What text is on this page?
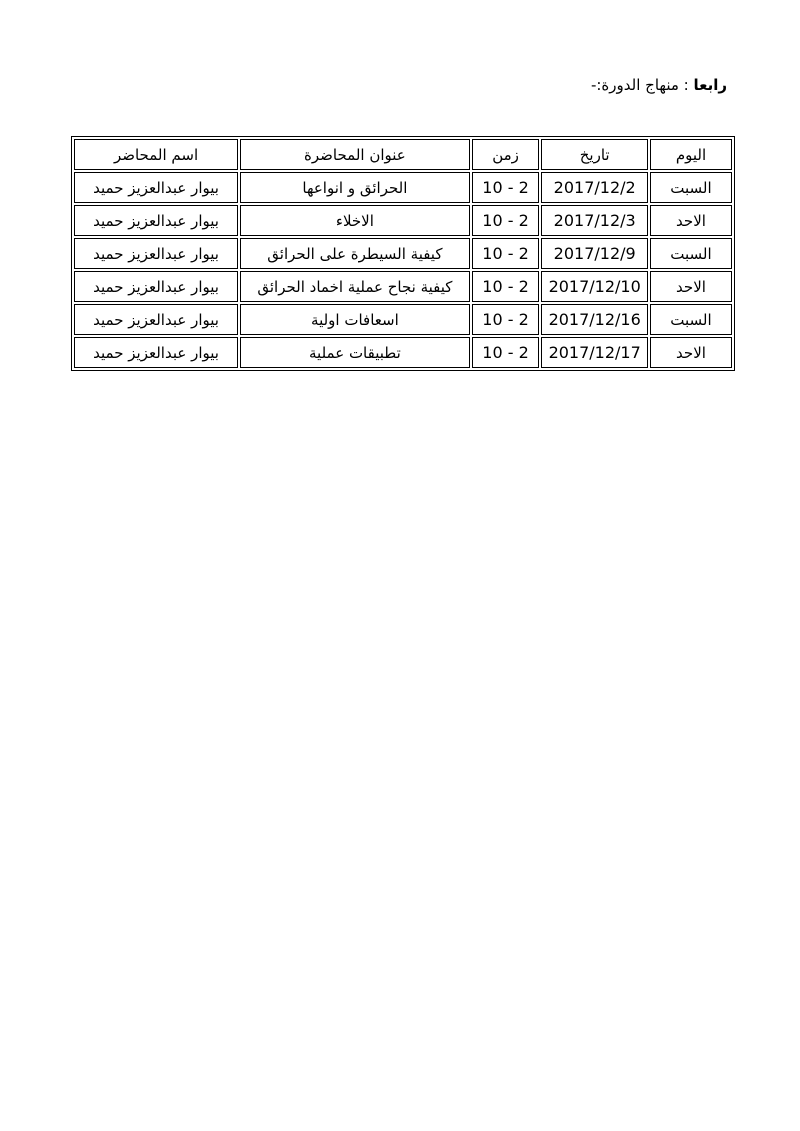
رابعا : منهاج الدورة:-
اليوم	تاريخ	زمن	عنوان المحاضرة	اسم المحاضر
السبت	2017/12/2	10 - 2	الحرائق و انواعها	بيوار عبدالعزيز حميد
الاحد	2017/12/3	10 - 2	الاخلاء	بيوار عبدالعزيز حميد
السبت	2017/12/9	10 - 2	كيفية السيطرة على الحرائق	بيوار عبدالعزيز حميد
الاحد	2017/12/10	10 - 2	كيفية نجاح عملية اخماد الحرائق	بيوار عبدالعزيز حميد
السبت	2017/12/16	10 - 2	اسعافات اولية	بيوار عبدالعزيز حميد
الاحد	2017/12/17	10 - 2	تطبيقات عملية	بيوار عبدالعزيز حميد
